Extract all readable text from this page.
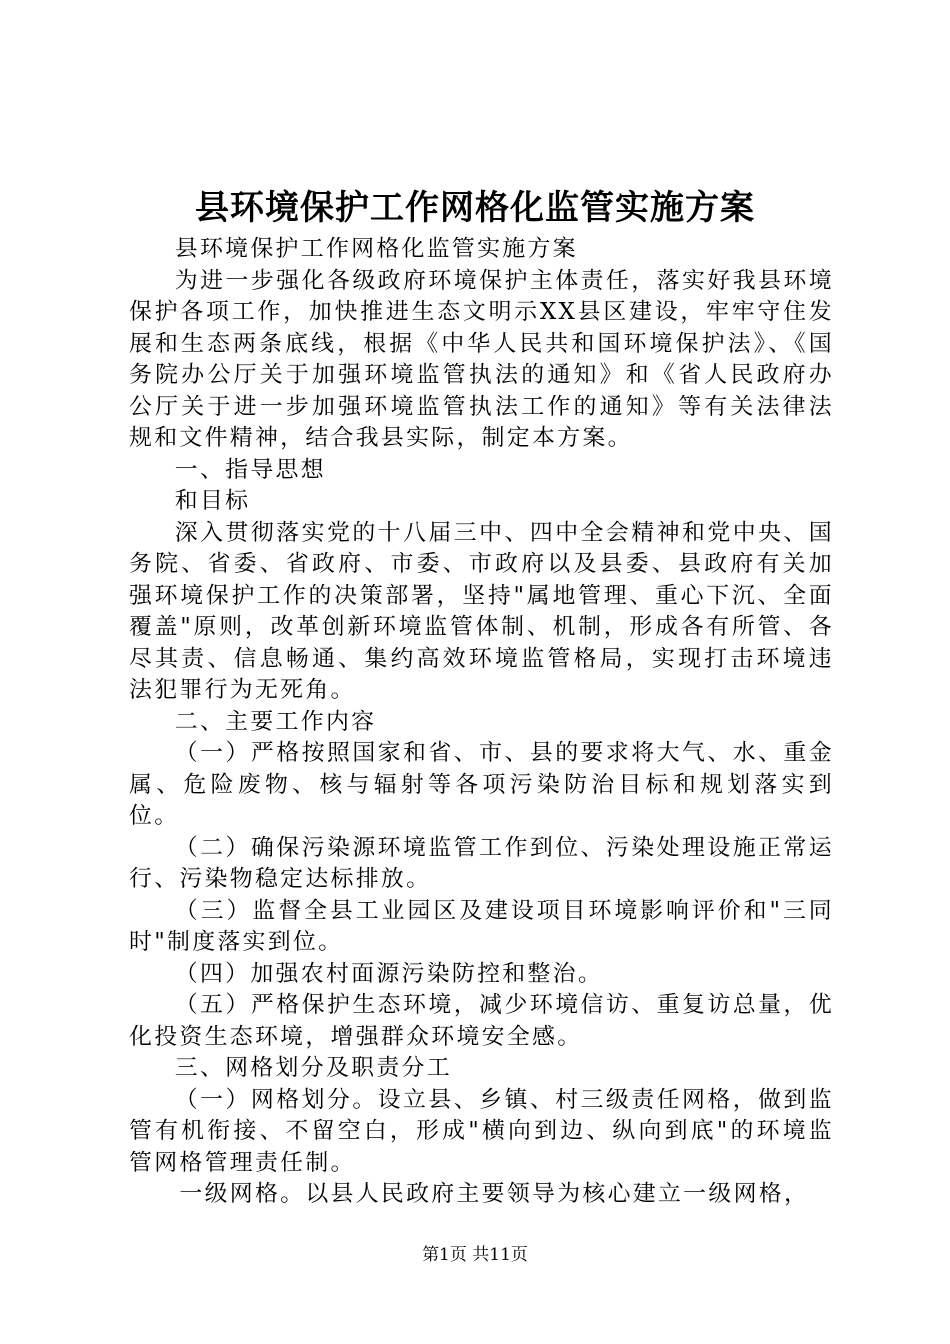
县环境保护工作网格化监管实施方案

县环境保护工作网格化监管实施方案

为进一步强化各级政府环境保护主体责任，落实好我县环境保护各项工作，加快推进生态文明示XX县区建设，牢牢守住发展和生态两条底线，根据《中华人民共和国环境保护法》、《国务院办公厅关于加强环境监管执法的通知》和《省人民政府办公厅关于进一步加强环境监管执法工作的通知》等有关法律法规和文件精神，结合我县实际，制定本方案。

一、指导思想

和目标

深入贯彻落实党的十八届三中、四中全会精神和党中央、国务院、省委、省政府、市委、市政府以及县委、县政府有关加强环境保护工作的决策部署，坚持"属地管理、重心下沉、全面覆盖"原则，改革创新环境监管体制、机制，形成各有所管、各尽其责、信息畅通、集约高效环境监管格局，实现打击环境违法犯罪行为无死角。

二、主要工作内容

（一）严格按照国家和省、市、县的要求将大气、水、重金属、危险废物、核与辐射等各项污染防治目标和规划落实到位。

（二）确保污染源环境监管工作到位、污染处理设施正常运行、污染物稳定达标排放。

（三）监督全县工业园区及建设项目环境影响评价和"三同时"制度落实到位。

（四）加强农村面源污染防控和整治。

（五）严格保护生态环境，减少环境信访、重复访总量，优化投资生态环境，增强群众环境安全感。

三、网格划分及职责分工

（一）网格划分。设立县、乡镇、村三级责任网格，做到监管有机衔接、不留空白，形成"横向到边、纵向到底"的环境监管网格管理责任制。

一级网格。以县人民政府主要领导为核心建立一级网格，

第1页 共11页
